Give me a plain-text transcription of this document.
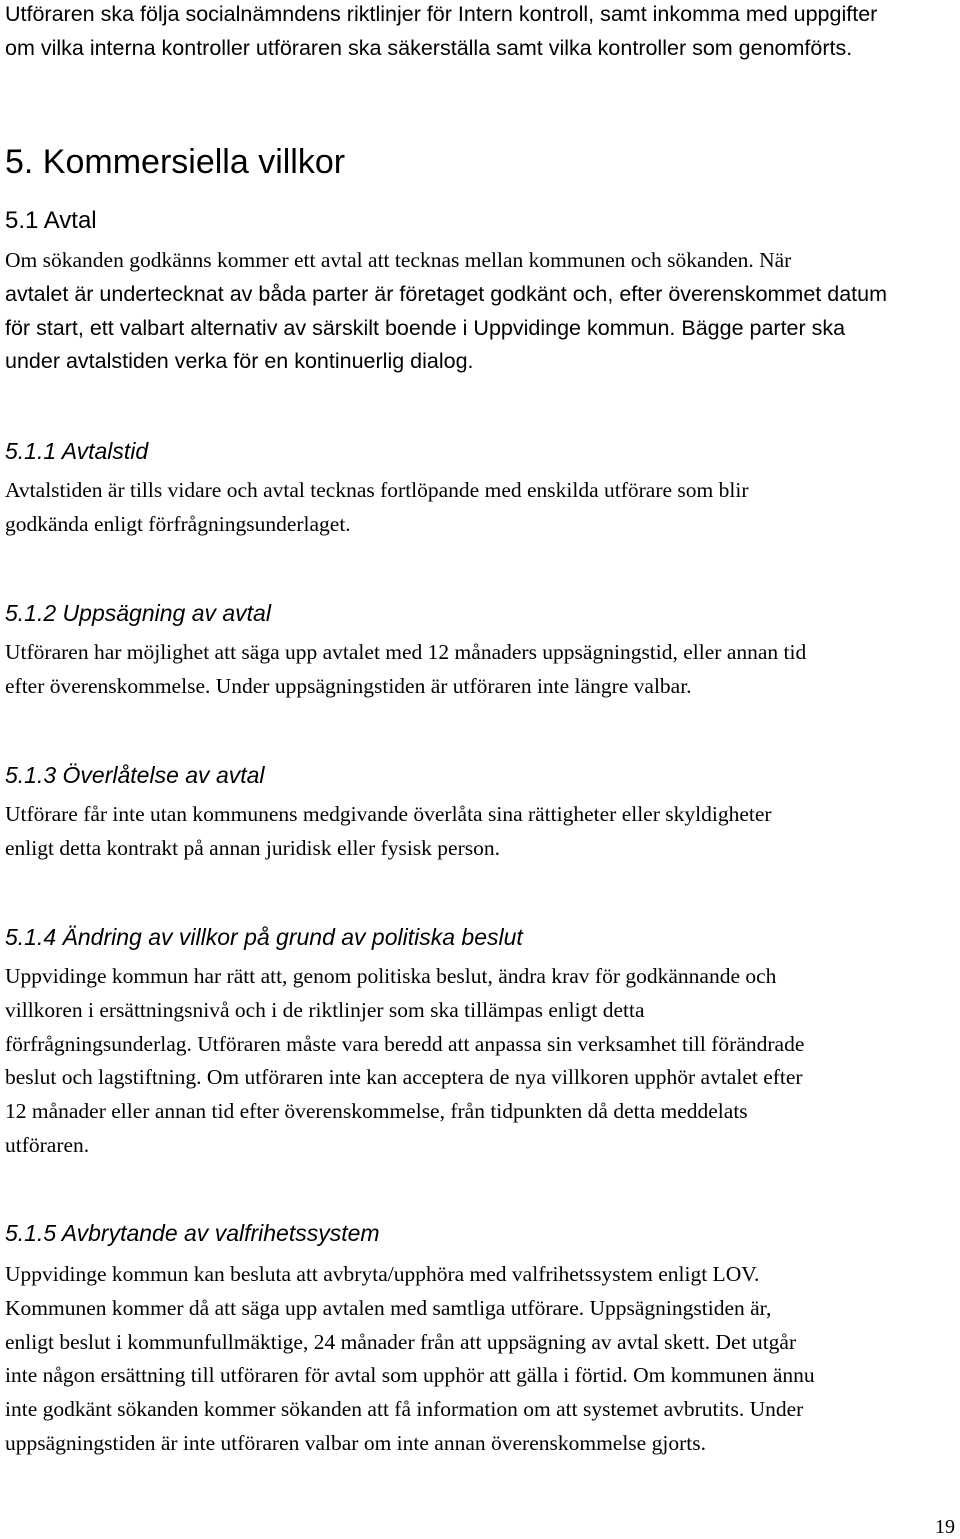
Utföraren ska följa socialnämndens riktlinjer för Intern kontroll, samt inkomma med uppgifter
om vilka interna kontroller utföraren ska säkerställa samt vilka kontroller som genomförts.

5. Kommersiella villkor
5.1 Avtal

Om sökanden godkänns kommer ett avtal att tecknas mellan kommunen och sökanden. När
avtalet är undertecknat av båda parter är företaget godkänt och, efter överenskommet datum
för start, ett valbart alternativ av särskilt boende i Uppvidinge kommun. Bägge parter ska
under avtalstiden verka för en kontinuerlig dialog.

5.1.1 Avtalstid

Avtalstiden är tills vidare och avtal tecknas fortlöpande med enskilda utförare som blir
godkända enligt förfrågningsunderlaget.

5.1.2 Uppsägning av avtal

Utföraren har möjlighet att säga upp avtalet med 12 månaders uppsägningstid, eller annan tid
efter överenskommelse. Under uppsägningstiden är utföraren inte längre valbar.

5.1.3 Överlåtelse av avtal

Utförare får inte utan kommunens medgivande överlåta sina rättigheter eller skyldigheter
enligt detta kontrakt på annan juridisk eller fysisk person.

5.1.4 Ändring av villkor på grund av politiska beslut

Uppvidinge kommun har rätt att, genom politiska beslut, ändra krav för godkännande och
villkoren i ersättningsnivå och i de riktlinjer som ska tillämpas enligt detta
förfrågningsunderlag. Utföraren måste vara beredd att anpassa sin verksamhet till förändrade
beslut och lagstiftning. Om utföraren inte kan acceptera de nya villkoren upphör avtalet efter
12 månader eller annan tid efter överenskommelse, från tidpunkten då detta meddelats
utföraren.

5.1.5 Avbrytande av valfrihetssystem

Uppvidinge kommun kan besluta att avbryta/upphöra med valfrihetssystem enligt LOV.
Kommunen kommer då att säga upp avtalen med samtliga utförare. Uppsägningstiden är,
enligt beslut i kommunfullmäktige, 24 månader från att uppsägning av avtal skett. Det utgår
inte någon ersättning till utföraren för avtal som upphör att gälla i förtid. Om kommunen ännu
inte godkänt sökanden kommer sökanden att få information om att systemet avbrutits. Under
uppsägningstiden är inte utföraren valbar om inte annan överenskommelse gjorts.

19
